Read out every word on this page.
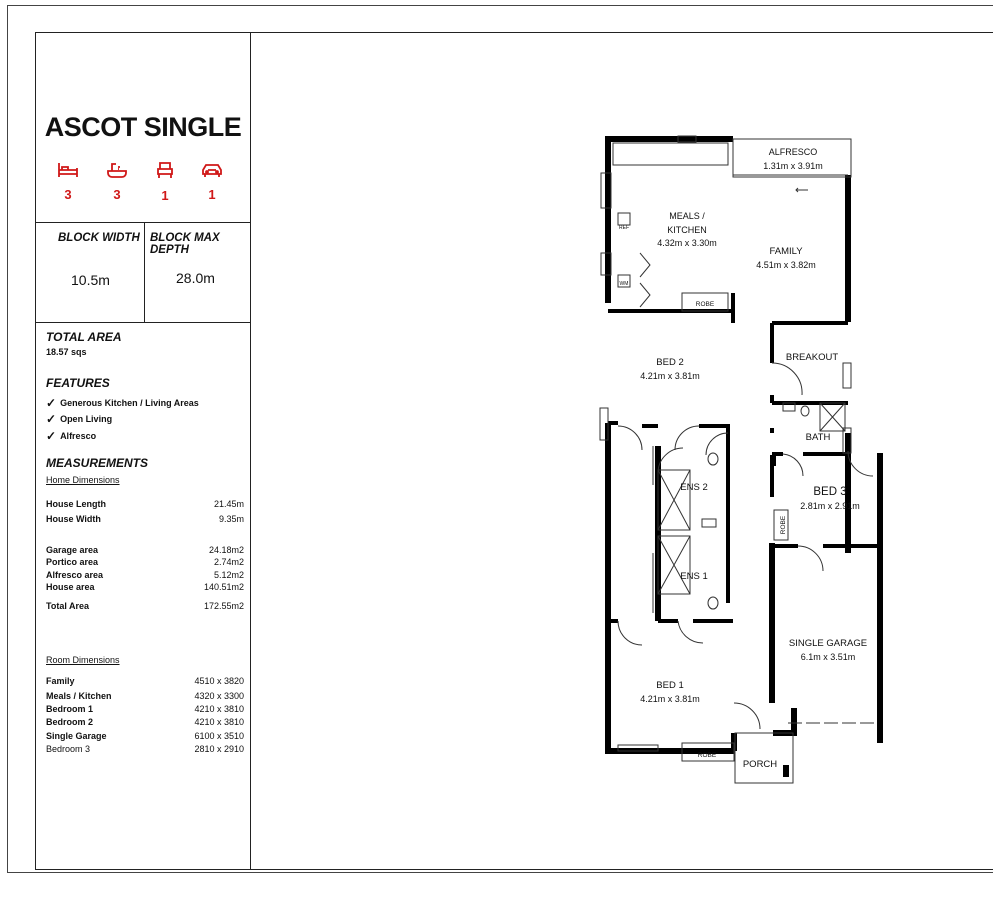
ASCOT SINGLE
3	3	1	1
BLOCK WIDTH
10.5m
BLOCK MAX DEPTH
28.0m
TOTAL AREA
18.57 sqs
FEATURES
✓ Generous Kitchen / Living Areas
✓ Open Living
✓ Alfresco
MEASUREMENTS
Home Dimensions
House Length	21.45m
House Width	9.35m
Garage area	24.18m2
Portico area	2.74m2
Alfresco area	5.12m2
House area	140.51m2
Total Area	172.55m2
Room Dimensions
Family	4510 x 3820
Meals / Kitchen	4320 x 3300
Bedroom 1	4210 x 3810
Bedroom 2	4210 x 3810
Single Garage	6100 x 3510
Bedroom 3	2810 x 2910
ALFRESCO
1.31m x 3.91m
MEALS /
KITCHEN
4.32m x 3.30m
FAMILY
4.51m x 3.82m
ROBE
BED 2
4.21m x 3.81m
BREAKOUT
BATH
ENS 2	BED 3
2.81m x 2.91m
ROBE
ENS 1
SINGLE GARAGE
6.1m x 3.51m
BED 1
4.21m x 3.81m
ROBE
PORCH
REF
WM
